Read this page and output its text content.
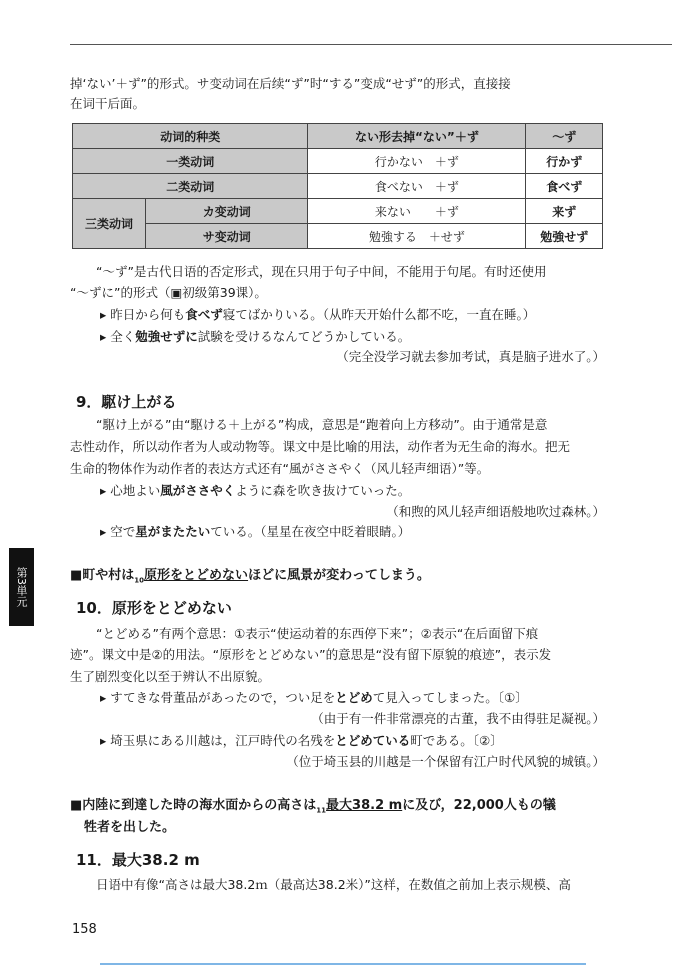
掉‘ない’＋ず”的形式。サ变动词在后续“ず”时“する”变成“せず”的形式，直接接
在词干后面。
动词的种类		ない形去掉“ない”＋ず	～ず
一类动词		行かない　＋ず	行かず
二类动词		食べない　＋ず	食べず
三类动词	カ变动词	来ない　　＋ず	来ず
	サ变动词	勉強する　＋せず	勉強せず
“～ず”是古代日语的否定形式，现在只用于句子中间，不能用于句尾。有时还使用
“～ずに”的形式（▣初级第39课）。
▸ 昨日から何も食べず寝てばかりいる。（从昨天开始什么都不吃，一直在睡。）
▸ 全く勉強せずに試験を受けるなんてどうかしている。
（完全没学习就去参加考试，真是脑子进水了。）
9．駆け上がる
“駆け上がる”由“駆ける＋上がる”构成，意思是“跑着向上方移动”。由于通常是意
志性动作，所以动作者为人或动物等。课文中是比喻的用法，动作者为无生命的海水。把无
生命的物体作为动作者的表达方式还有“風がささやく（风儿轻声细语）”等。
▸ 心地よい風がささやくように森を吹き抜けていった。
（和煦的风儿轻声细语般地吹过森林。）
▸ 空で星がまたたいている。（星星在夜空中眨着眼睛。）
■町や村は$_{10}$原形をとどめないほどに風景が変わってしまう。
10．原形をとどめない
“とどめる”有两个意思：①表示“使运动着的东西停下来”；②表示“在后面留下痕
迹”。课文中是②的用法。“原形をとどめない”的意思是“没有留下原貌的痕迹”，表示发
生了剧烈变化以至于辨认不出原貌。
▸ すてきな骨董品があったので，つい足をとどめて見入ってしまった。〔①〕
（由于有一件非常漂亮的古董，我不由得驻足凝视。）
▸ 埼玉県にある川越は，江戸時代の名残をとどめている町である。〔②〕
（位于埼玉县的川越是一个保留有江户时代风貌的城镇。）
■内陸に到達した時の海水面からの高さは$_{11}$最大38.2 mに及び，22,000人もの犠
牲者を出した。
11．最大38.2 m
日语中有像“高さは最大38.2ｍ（最高达38.2米）”这样，在数值之前加上表示规模、高
第3単元
158
